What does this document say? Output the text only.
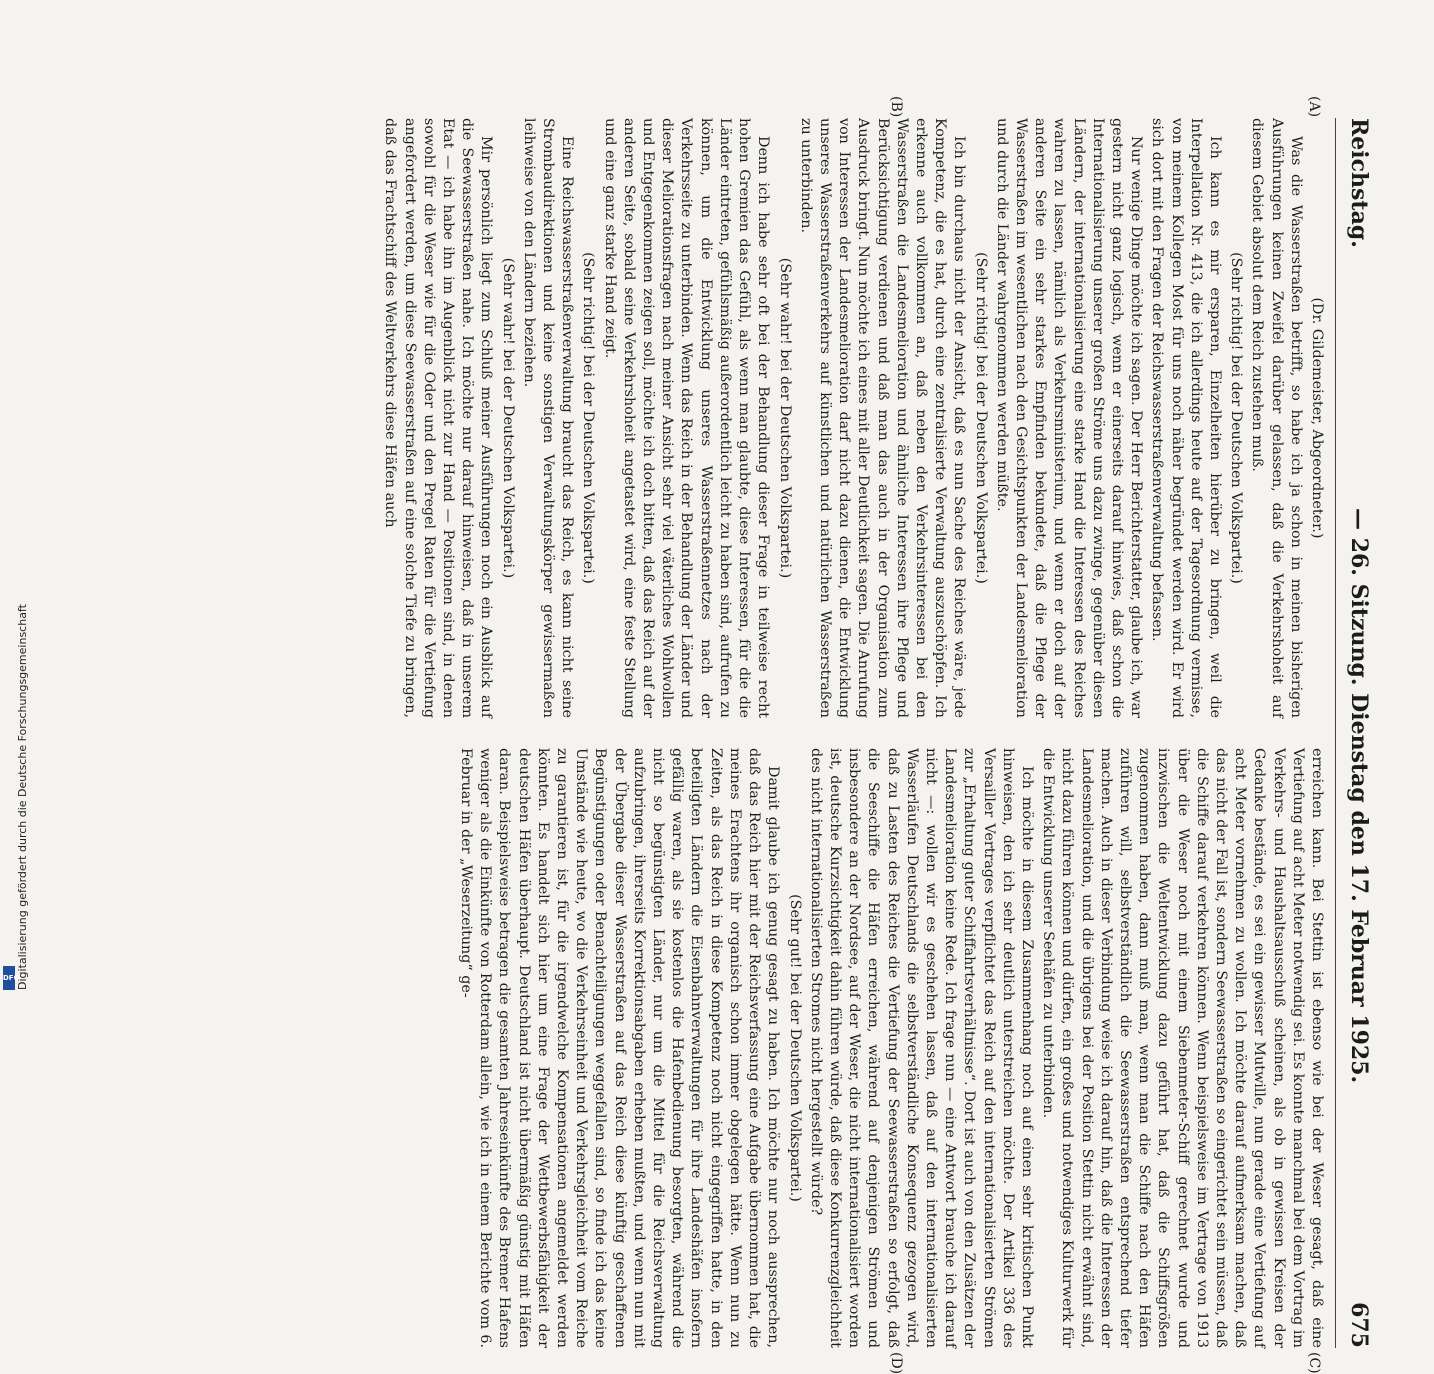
Reichstag.
— 26. Sitzung. Dienstag den 17. Februar 1925.
675
(A)
(B)
(C)
(D)

(Dr. Gildemeister, Abgeordneter.)

Was die Wasserstraßen betrifft, so habe ich ja schon in meinen bisherigen Ausführungen keinen Zweifel darüber gelassen, daß die Verkehrshoheit auf diesem Gebiet absolut dem Reich zustehen muß.

(Sehr richtig! bei der Deutschen Volkspartei.)

Ich kann es mir ersparen, Einzelheiten hierüber zu bringen, weil die Interpellation Nr. 413, die ich allerdings heute auf der Tagesordnung vermisse, von meinem Kollegen Most für uns noch näher begründet werden wird. Er wird sich dort mit den Fragen der Reichswasserstraßenverwaltung befassen.

Nur wenige Dinge möchte ich sagen. Der Herr Berichterstatter, glaube ich, war gestern nicht ganz logisch, wenn er einerseits darauf hinwies, daß schon die Internationalisierung unserer großen Ströme uns dazu zwinge, gegenüber diesen Ländern, der internationalisierung eine starke Hand die Interessen des Reiches wahren zu lassen, nämlich als Verkehrsministerium, und wenn er doch auf der anderen Seite ein sehr starkes Empfinden bekundete, daß die Pflege der Wasserstraßen im wesentlichen nach den Gesichtspunkten der Landesmelioration und durch die Länder wahrgenommen werden müßte.

(Sehr richtig! bei der Deutschen Volkspartei.)

Ich bin durchaus nicht der Ansicht, daß es nun Sache des Reiches wäre, jede Kompetenz, die es hat, durch eine zentralisierte Verwaltung auszuschöpfen. Ich erkenne auch vollkommen an, daß neben den Verkehrsinteressen bei den Wasserstraßen die Landesmelioration und ähnliche Interessen ihre Pflege und Berücksichtigung verdienen und daß man das auch in der Organisation zum Ausdruck bringt. Nun möchte ich eines mit aller Deutlichkeit sagen. Die Anrufung von Interessen der Landesmelioration darf nicht dazu dienen, die Entwicklung unseres Wasserstraßenverkehrs auf künstlichen und natürlichen Wasserstraßen zu unterbinden.

(Sehr wahr! bei der Deutschen Volkspartei.)

Denn ich habe sehr oft bei der Behandlung dieser Frage in teilweise recht hohen Gremien das Gefühl, als wenn man glaubte, diese Interessen, für die die Länder eintreten, gefühlsmäßig außerordentlich leicht zu haben sind, aufrufen zu können, um die Entwicklung unseres Wasserstraßennetzes nach der Verkehrsseite zu unterbinden. Wenn das Reich in der Behandlung der Länder und dieser Meliorationsfragen nach meiner Ansicht sehr viel väterliches Wohlwollen und Entgegenkommen zeigen soll, möchte ich doch bitten, daß das Reich auf der anderen Seite, sobald seine Verkehrshoheit angetastet wird, eine feste Stellung und eine ganz starke Hand zeigt.

(Sehr richtig! bei der Deutschen Volkspartei.)

Eine Reichswasserstraßenverwaltung braucht das Reich, es kann nicht seine Strombaudirektionen und keine sonstigen Verwaltungskörper gewissermaßen leihweise von den Ländern beziehen.

(Sehr wahr! bei der Deutschen Volkspartei.)

Mir persönlich liegt zum Schluß meiner Ausführungen noch ein Ausblick auf die Seewasserstraßen nahe. Ich möchte nur darauf hinweisen, daß in unserem Etat — ich habe ihn im Augenblick nicht zur Hand — Positionen sind, in denen sowohl für die Weser wie für die Oder und den Pregel Raten für die Vertiefung angefordert werden, um diese Seewasserstraßen auf eine solche Tiefe zu bringen, daß das Frachtschiff des Weltverkehrs diese Häfen auch

erreichen kann. Bei Stettin ist ebenso wie bei der Weser gesagt, daß eine Vertiefung auf acht Meter notwendig sei. Es konnte manchmal bei dem Vortrag im Verkehrs- und Haushaltsausschuß scheinen, als ob in gewissen Kreisen der Gedanke bestände, es sei ein gewisser Mutwille, nun gerade eine Vertiefung auf acht Meter vornehmen zu wollen. Ich möchte darauf aufmerksam machen, daß das nicht der Fall ist, sondern Seewasserstraßen so eingerichtet sein müssen, daß die Schiffe darauf verkehren können. Wenn beispielsweise im Vertrage von 1913 über die Weser noch mit einem Siebenmeter-Schiff gerechnet wurde und inzwischen die Weltentwicklung dazu geführt hat, daß die Schiffsgrößen zugenommen haben, dann muß man, wenn man die Schiffe nach den Häfen zuführen will, selbstverständlich die Seewasserstraßen entsprechend tiefer machen. Auch in dieser Verbindung weise ich darauf hin, daß die Interessen der Landesmelioration, und die übrigens bei der Position Stettin nicht erwähnt sind, nicht dazu führen können und dürfen, ein großes und notwendiges Kulturwerk für die Entwicklung unserer Seehäfen zu unterbinden.

Ich möchte in diesem Zusammenhang noch auf einen sehr kritischen Punkt hinweisen, den ich sehr deutlich unterstreichen möchte. Der Artikel 336 des Versailler Vertrages verpflichtet das Reich auf den internationalisierten Strömen zur „Erhaltung guter Schiffahrtsverhältnisse“. Dort ist auch von den Zusätzen der Landesmelioration keine Rede. Ich frage nun — eine Antwort brauche ich darauf nicht —: wollen wir es geschehen lassen, daß auf den internationalisierten Wasserläufen Deutschlands die selbstverständliche Konsequenz gezogen wird, daß zu Lasten des Reiches die Vertiefung der Seewasserstraßen so erfolgt, daß die Seeschiffe die Häfen erreichen, während auf denjenigen Strömen und insbesondere an der Nordsee, auf der Weser, die nicht internationalisiert worden ist, deutsche Kurzsichtigkeit dahin führen würde, daß diese Konkurrenzgleichheit des nicht internationalisierten Stromes nicht hergestellt würde?

(Sehr gut! bei der Deutschen Volkspartei.)

Damit glaube ich genug gesagt zu haben. Ich möchte nur noch aussprechen, daß das Reich hier mit der Reichsverfassung eine Aufgabe übernommen hat, die meines Erachtens ihr organisch schon immer obgelegen hätte. Wenn nun zu Zeiten, als das Reich in diese Kompetenz noch nicht eingegriffen hatte, in den beteiligten Ländern die Eisenbahnverwaltungen für ihre Landeshäfen insofern gefällig waren, als sie kostenlos die Hafenbedienung besorgten, während die nicht so begünstigten Länder, nur um die Mittel für die Reichsverwaltung aufzubringen, ihrerseits Korrektionsabgaben erheben mußten, und wenn nun mit der Übergabe dieser Wasserstraßen auf das Reich diese künftig geschaffenen Begünstigungen oder Benachteiligungen weggefallen sind, so finde ich das keine Umstände wie heute, wo die Verkehrseinheit und Verkehrsgleichheit vom Reiche zu garantieren ist, für die irgendwelche Kompensationen angemeldet werden könnten. Es handelt sich hier um eine Frage der Wettbewerbsfähigkeit der deutschen Häfen überhaupt. Deutschland ist nicht übermäßig günstig mit Häfen daran. Beispielsweise betragen die gesamten Jahreseinkünfte des Bremer Hafens weniger als die Einkünfte von Rotterdam allein, wie ich in einem Berichte vom 6. Februar in der „Weserzeitung“ ge-

Digitalisierung gefördert durch die Deutsche Forschungsgemeinschaft
DFG
